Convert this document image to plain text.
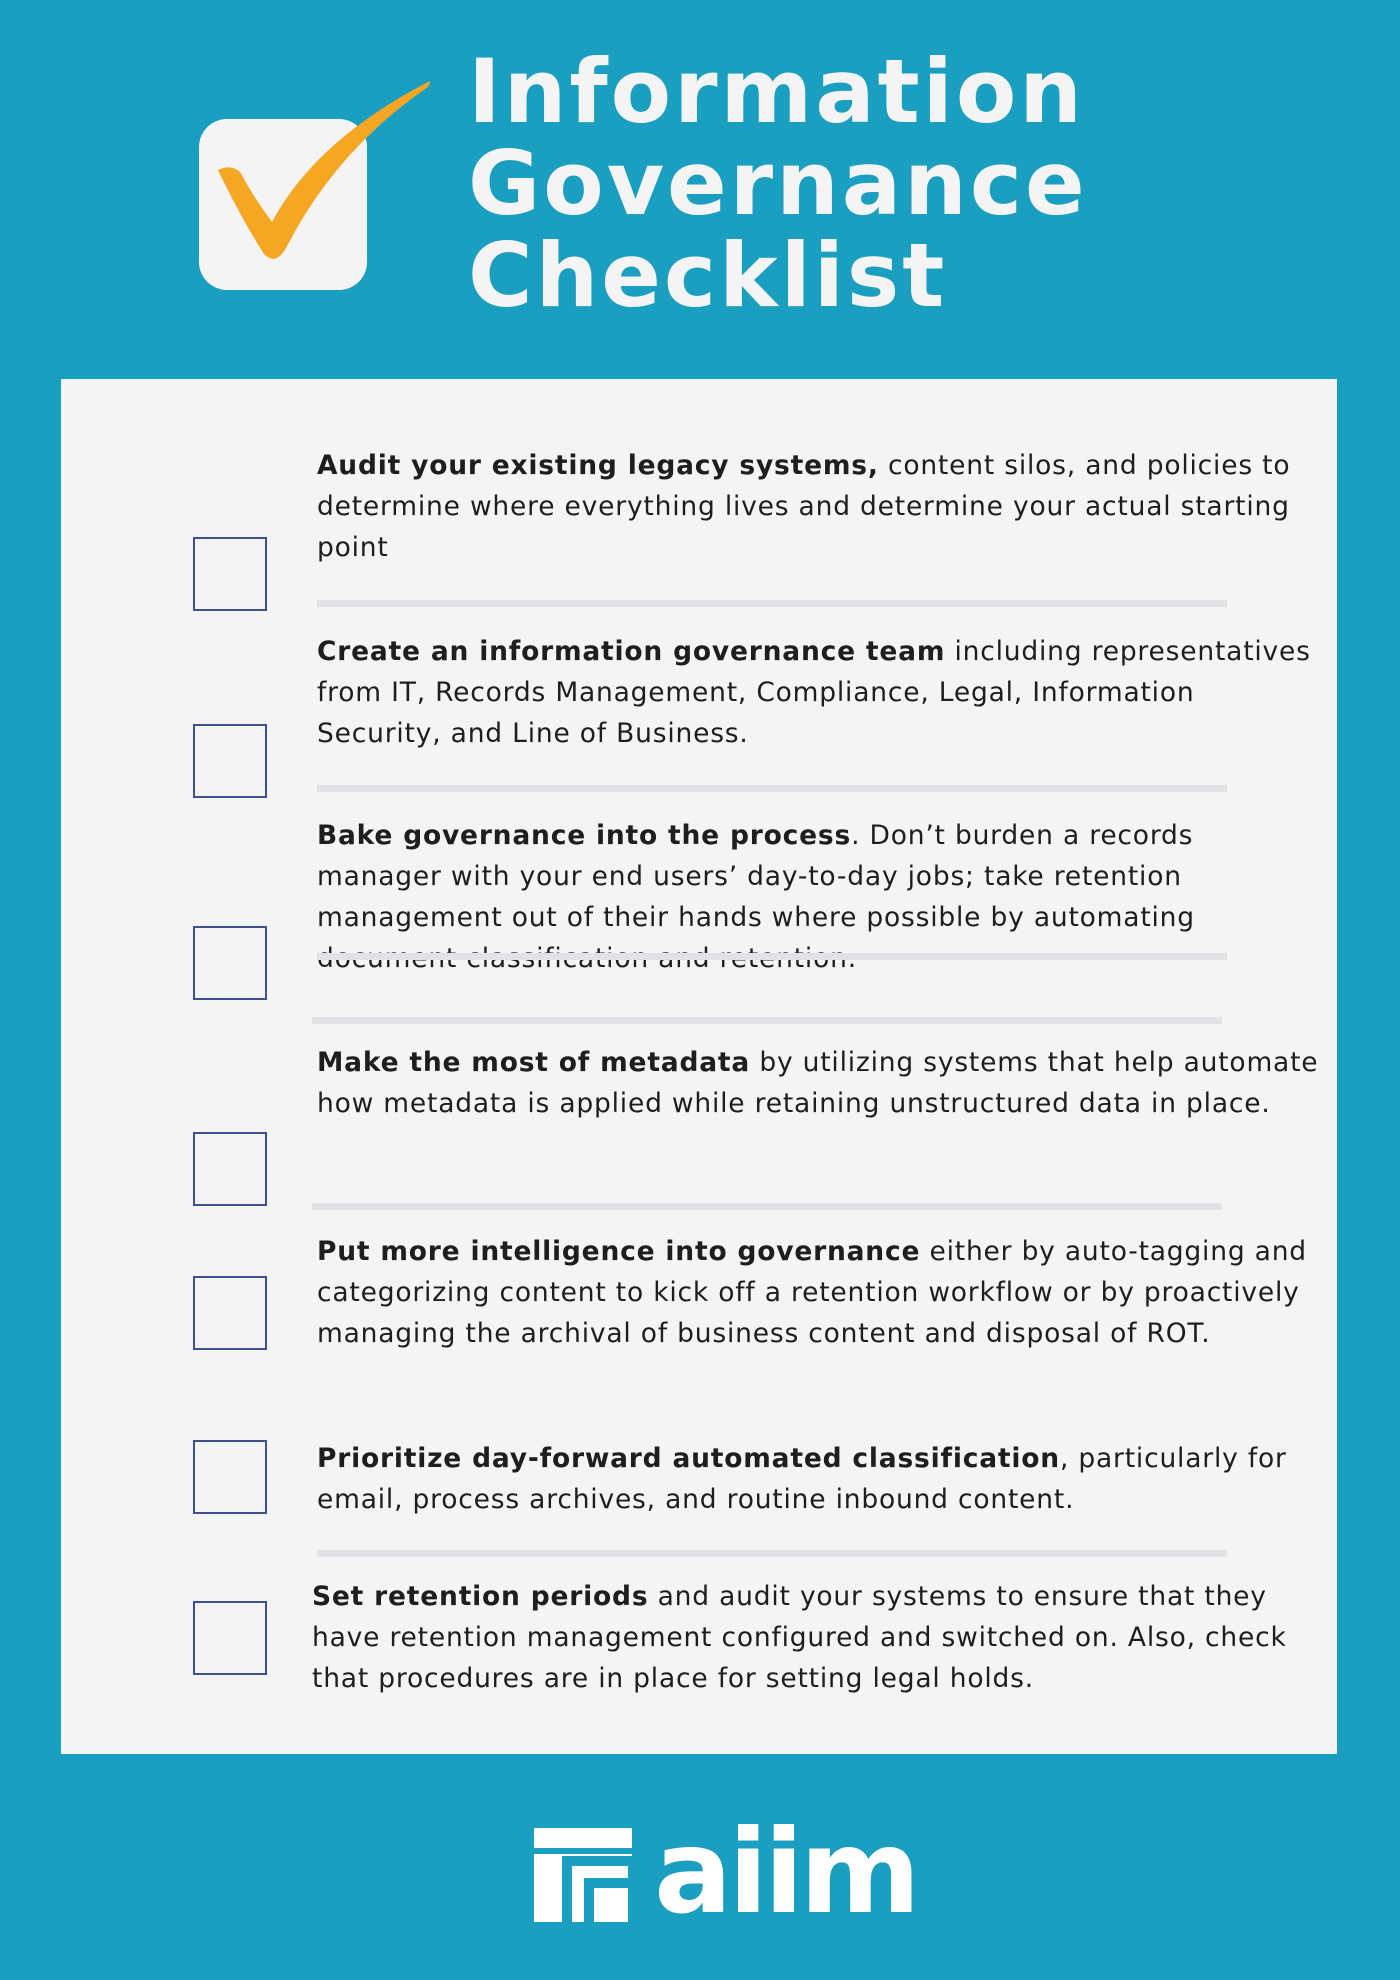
Information
Governance
Checklist

Audit your existing legacy systems, content silos, and policies to determine where everything lives and determine your actual starting point

Create an information governance team including representatives from IT, Records Management, Compliance, Legal, Information Security, and Line of Business.

Bake governance into the process. Don’t burden a records manager with your end users’ day-to-day jobs; take retention management out of their hands where possible by automating

Make the most of metadata by utilizing systems that help automate how metadata is applied while retaining unstructured data in place.

Put more intelligence into governance either by auto-tagging and categorizing content to kick off a retention workflow or by proactively managing the archival of business content and disposal of ROT.

Prioritize day-forward automated classification, particularly for email, process archives, and routine inbound content.

Set retention periods and audit your systems to ensure that they have retention management configured and switched on. Also, check that procedures are in place for setting legal holds.

aiim
